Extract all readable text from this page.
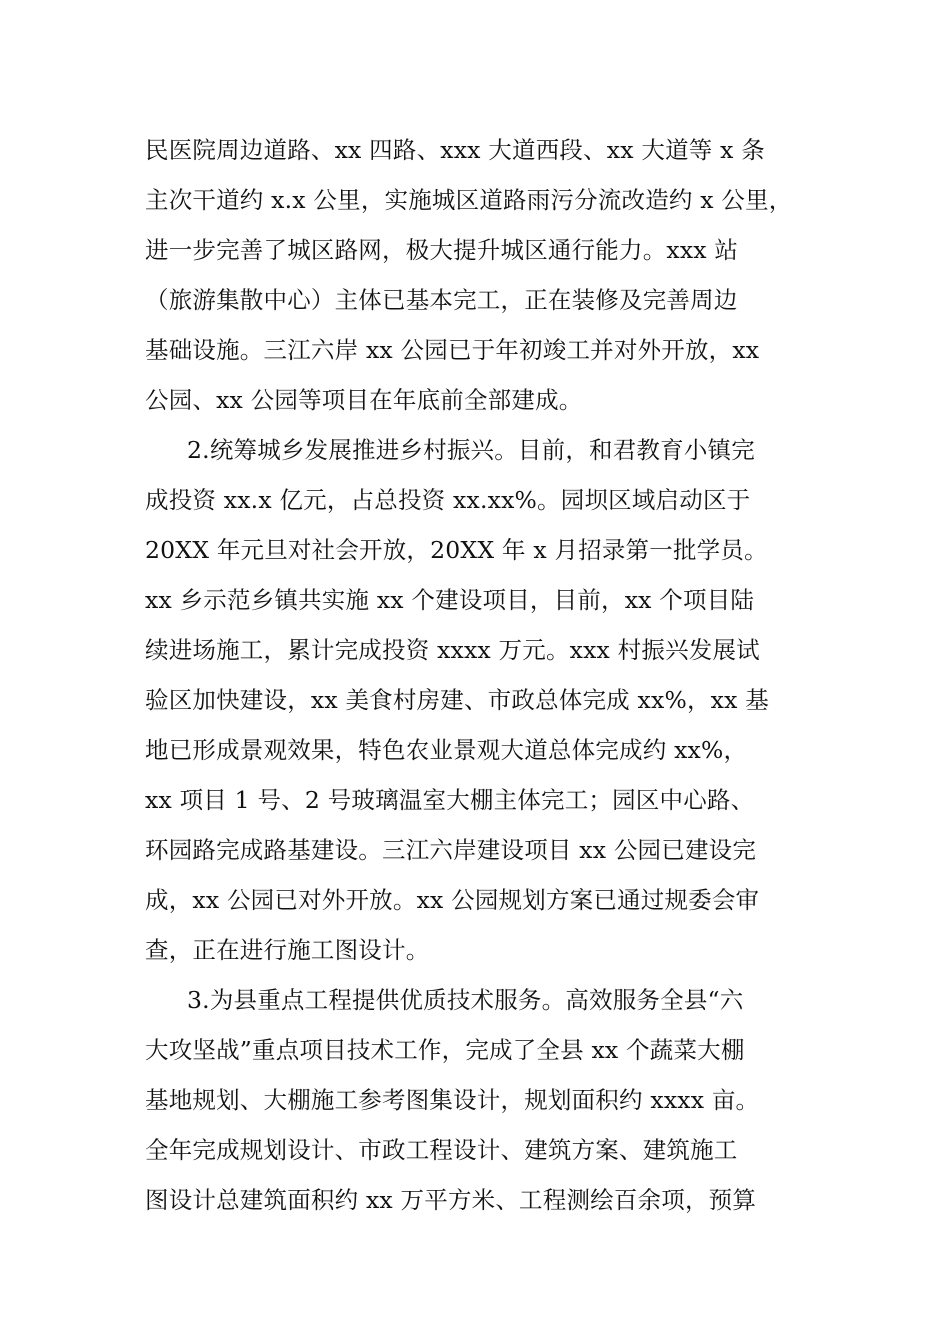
民医院周边道路、xx 四路、xxx 大道西段、xx 大道等 x 条
主次干道约 x.x 公里，实施城区道路雨污分流改造约 x 公里，
进一步完善了城区路网，极大提升城区通行能力。xxx 站
（旅游集散中心）主体已基本完工，正在装修及完善周边
基础设施。三江六岸 xx 公园已于年初竣工并对外开放，xx
公园、xx 公园等项目在年底前全部建成。
2.统筹城乡发展推进乡村振兴。目前，和君教育小镇完
成投资 xx.x 亿元，占总投资 xx.xx%。园坝区域启动区于
20XX 年元旦对社会开放，20XX 年 x 月招录第一批学员。
xx 乡示范乡镇共实施 xx 个建设项目，目前，xx 个项目陆
续进场施工，累计完成投资 xxxx 万元。xxx 村振兴发展试
验区加快建设，xx 美食村房建、市政总体完成 xx%，xx 基
地已形成景观效果，特色农业景观大道总体完成约 xx%，
xx 项目 1 号、2 号玻璃温室大棚主体完工；园区中心路、
环园路完成路基建设。三江六岸建设项目 xx 公园已建设完
成，xx 公园已对外开放。xx 公园规划方案已通过规委会审
查，正在进行施工图设计。
3.为县重点工程提供优质技术服务。高效服务全县“六
大攻坚战”重点项目技术工作，完成了全县 xx 个蔬菜大棚
基地规划、大棚施工参考图集设计，规划面积约 xxxx 亩。
全年完成规划设计、市政工程设计、建筑方案、建筑施工
图设计总建筑面积约 xx 万平方米、工程测绘百余项，预算
